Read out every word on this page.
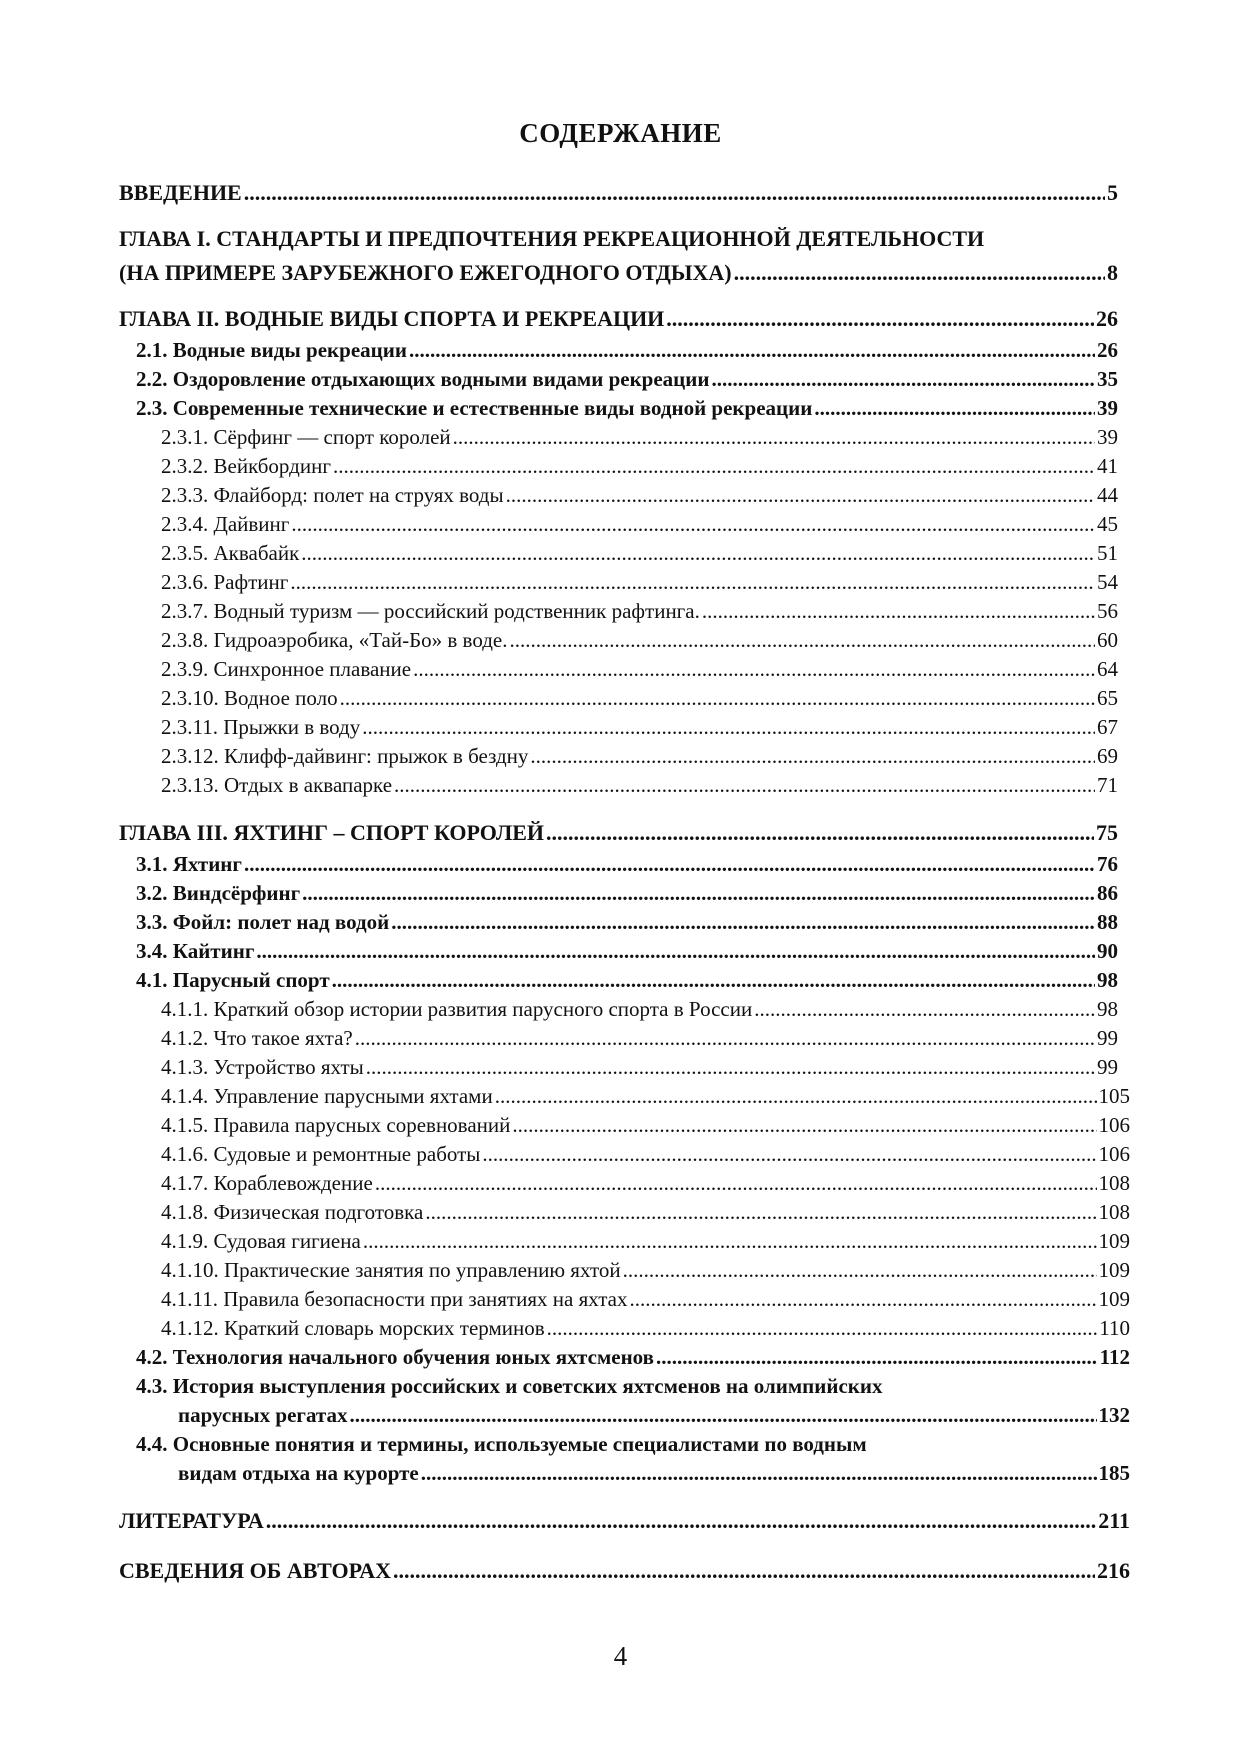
СОДЕРЖАНИЕ
ВВЕДЕНИЕ .....	5
ГЛАВА I. СТАНДАРТЫ И ПРЕДПОЧТЕНИЯ РЕКРЕАЦИОННОЙ ДЕЯТЕЛЬНОСТИ
(НА ПРИМЕРЕ ЗАРУБЕЖНОГО ЕЖЕГОДНОГО ОТДЫХА) .....	8
ГЛАВА II. ВОДНЫЕ ВИДЫ СПОРТА И РЕКРЕАЦИИ .....	26
2.1. Водные виды рекреации .....	26
2.2. Оздоровление отдыхающих водными видами рекреации .....	35
2.3. Современные технические и естественные виды водной рекреации .....	39
2.3.1. Сёрфинг — спорт королей .....	39
2.3.2. Вейкбординг .....	41
2.3.3. Флайборд: полет на струях воды .....	44
2.3.4. Дайвинг .....	45
2.3.5. Аквабайк .....	51
2.3.6. Рафтинг .....	54
2.3.7. Водный туризм — российский родственник рафтинга. .....	56
2.3.8. Гидроаэробика, «Тай-Бо» в воде. .....	60
2.3.9. Синхронное плавание .....	64
2.3.10. Водное поло .....	65
2.3.11. Прыжки в воду .....	67
2.3.12. Клифф-дайвинг: прыжок в бездну .....	69
2.3.13. Отдых в аквапарке .....	71
ГЛАВА III. ЯХТИНГ – СПОРТ КОРОЛЕЙ .....	75
3.1. Яхтинг .....	76
3.2. Виндсёрфинг .....	86
3.3. Фойл: полет над водой .....	88
3.4. Кайтинг .....	90
4.1. Парусный спорт .....	98
4.1.1. Краткий обзор истории развития парусного спорта в России .....	98
4.1.2. Что такое яхта? .....	99
4.1.3. Устройство яхты .....	99
4.1.4. Управление парусными яхтами .....	105
4.1.5. Правила парусных соревнований .....	106
4.1.6. Судовые и ремонтные работы .....	106
4.1.7. Кораблевождение .....	108
4.1.8. Физическая подготовка .....	108
4.1.9. Судовая гигиена .....	109
4.1.10. Практические занятия по управлению яхтой .....	109
4.1.11. Правила безопасности при занятиях на яхтах .....	109
4.1.12. Краткий словарь морских терминов .....	110
4.2. Технология начального обучения юных яхтсменов .....	112
4.3. История выступления российских и советских яхтсменов на олимпийских
парусных регатах .....	132
4.4. Основные понятия и термины, используемые специалистами по водным
видам отдыха на курорте .....	185
ЛИТЕРАТУРА .....	211
СВЕДЕНИЯ ОБ АВТОРАХ .....	216
4
